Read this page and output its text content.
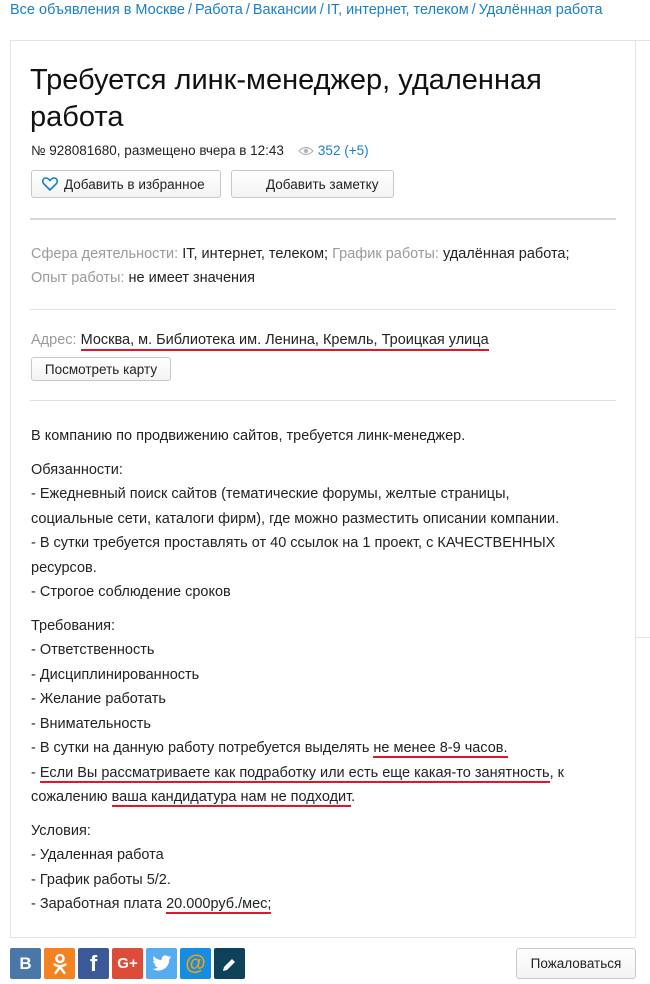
Все объявления в Москве / Работа / Вакансии / IT, интернет, телеком / Удалённая работа
Требуется линк-менеджер, удаленная работа
№ 928081680, размещено вчера в 12:43	352 (+5)
Добавить в избранное	Добавить заметку
Сфера деятельности: IT, интернет, телеком; График работы: удалённая работа;
Опыт работы: не имеет значения
Адрес: Москва, м. Библиотека им. Ленина, Кремль, Троицкая улица
Посмотреть карту

В компанию по продвижению сайтов, требуется линк-менеджер.

Обязанности:
- Ежедневный поиск сайтов (тематические форумы, желтые страницы,
социальные сети, каталоги фирм), где можно разместить описании компании.
- В сутки требуется проставлять от 40 ссылок на 1 проект, с КАЧЕСТВЕННЫХ
ресурсов.
- Строгое соблюдение сроков

Требования:
- Ответственность
- Дисциплинированность
- Желание работать
- Внимательность
- В сутки на данную работу потребуется выделять не менее 8-9 часов.
- Если Вы рассматриваете как подработку или есть еще какая-то занятность, к
сожалению ваша кандидатура нам не подходит.

Условия:
- Удаленная работа
- График работы 5/2.
- Заработная плата 20.000руб./мес;

B	f G+ @	Пожаловаться
